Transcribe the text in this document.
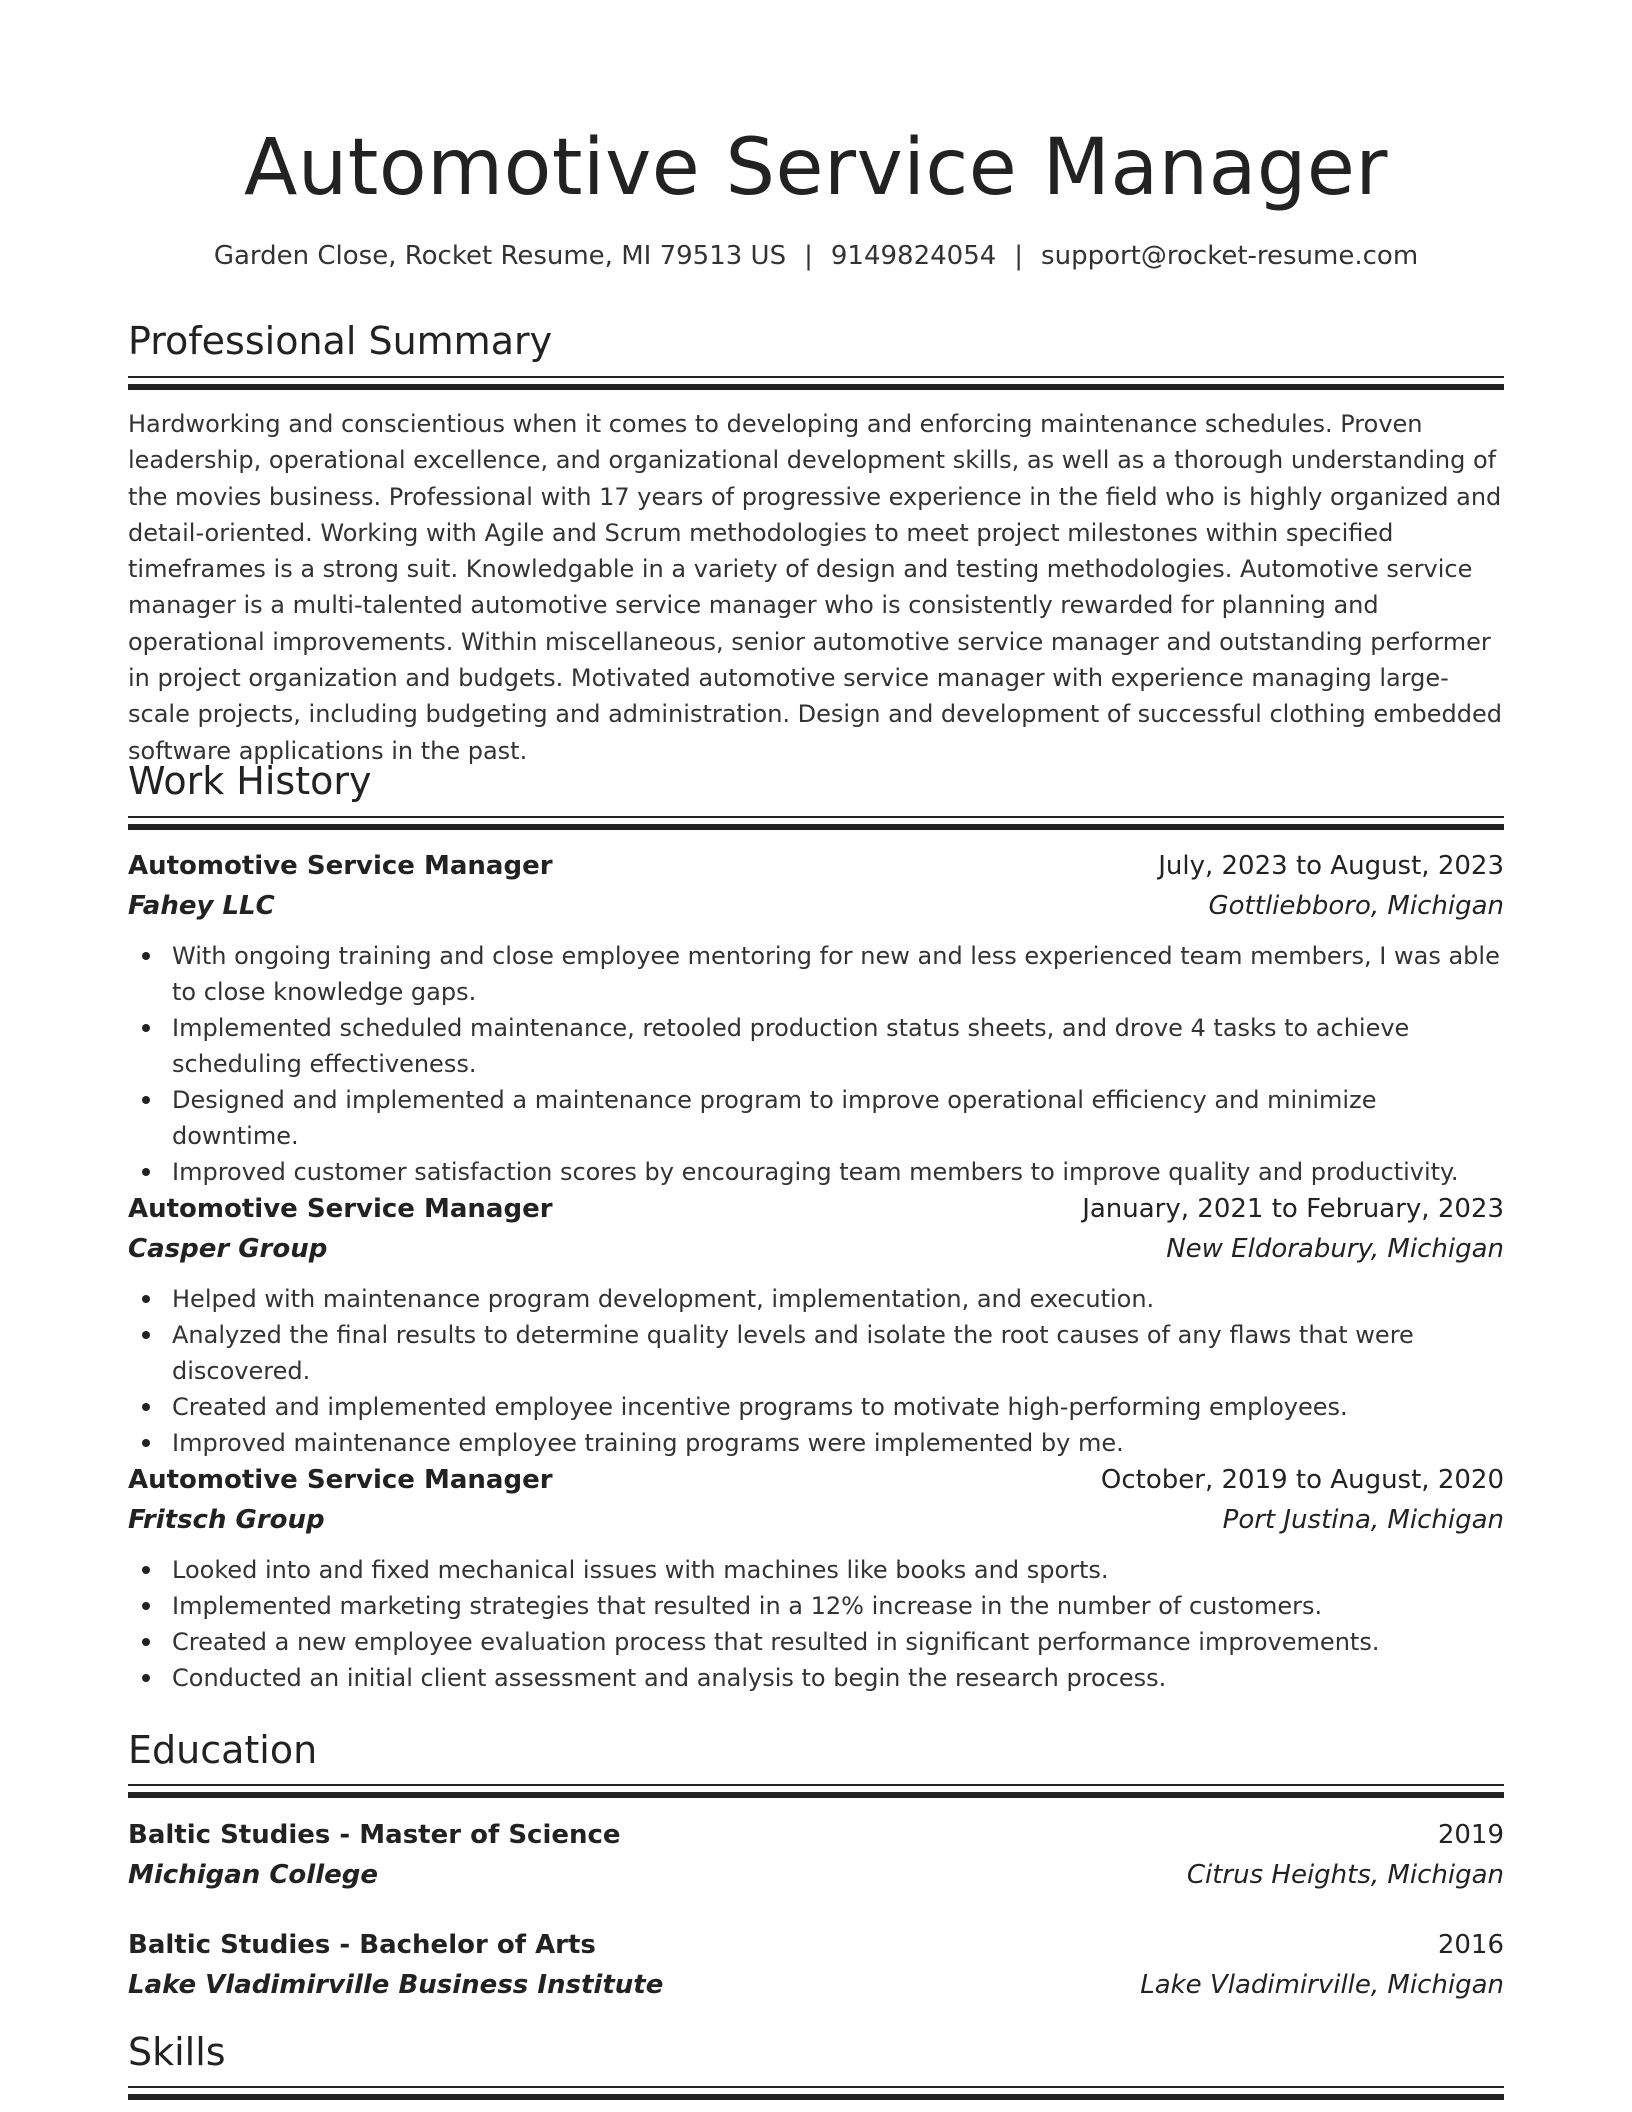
Automotive Service Manager
Garden Close, Rocket Resume, MI 79513 US | 9149824054 | support@rocket-resume.com
Professional Summary

Hardworking and conscientious when it comes to developing and enforcing maintenance schedules. Proven leadership, operational excellence, and organizational development skills, as well as a thorough understanding of the movies business. Professional with 17 years of progressive experience in the field who is highly organized and detail-oriented. Working with Agile and Scrum methodologies to meet project milestones within specified timeframes is a strong suit. Knowledgable in a variety of design and testing methodologies. Automotive service manager is a multi-talented automotive service manager who is consistently rewarded for planning and operational improvements. Within miscellaneous, senior automotive service manager and outstanding performer in project organization and budgets. Motivated automotive service manager with experience managing large-scale projects, including budgeting and administration. Design and development of successful clothing embedded software applications in the past.

Work History
Automotive Service Manager	July, 2023 to August, 2023
Fahey LLC	Gottliebboro, Michigan
With ongoing training and close employee mentoring for new and less experienced team members, I was able to close knowledge gaps.
Implemented scheduled maintenance, retooled production status sheets, and drove 4 tasks to achieve scheduling effectiveness.
Designed and implemented a maintenance program to improve operational efficiency and minimize downtime.
Improved customer satisfaction scores by encouraging team members to improve quality and productivity.
Automotive Service Manager	January, 2021 to February, 2023
Casper Group	New Eldorabury, Michigan
Helped with maintenance program development, implementation, and execution.
Analyzed the final results to determine quality levels and isolate the root causes of any flaws that were discovered.
Created and implemented employee incentive programs to motivate high-performing employees.
Improved maintenance employee training programs were implemented by me.
Automotive Service Manager	October, 2019 to August, 2020
Fritsch Group	Port Justina, Michigan
Looked into and fixed mechanical issues with machines like books and sports.
Implemented marketing strategies that resulted in a 12% increase in the number of customers.
Created a new employee evaluation process that resulted in significant performance improvements.
Conducted an initial client assessment and analysis to begin the research process.
Education
Baltic Studies - Master of Science	2019
Michigan College	Citrus Heights, Michigan
Baltic Studies - Bachelor of Arts	2016
Lake Vladimirville Business Institute	Lake Vladimirville, Michigan
Skills
